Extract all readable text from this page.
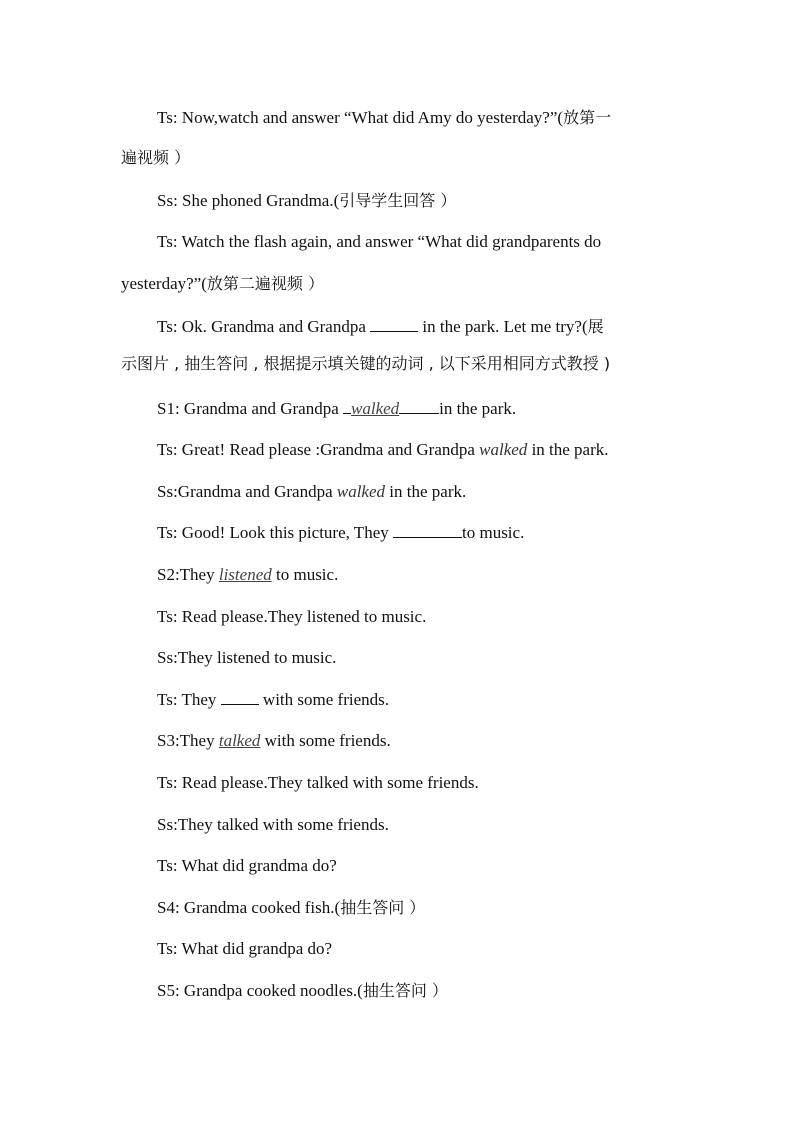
Ts: Now,watch and answer “What did Amy do yesterday?”(放第一
遍视频 ）
Ss: She phoned Grandma.(引导学生回答 ）
Ts: Watch the flash again, and answer “What did grandparents do
yesterday?”(放第二遍视频 ）
Ts: Ok. Grandma and Grandpa	in the park. Let me try?(展
示图片 , 抽生答问 , 根据提示填关键的动词 , 以下采用相同方式教授 )
S1: Grandma and Grandpa walked in the park.
Ts: Great! Read please :Grandma and Grandpa walked in the park.
Ss:Grandma and Grandpa walked in the park.
Ts: Good! Look this picture, They	to music.
S2:They listened to music.
Ts: Read please.They listened to music.
Ss:They listened to music.
Ts: They  with some friends.
S3:They talked with some friends.
Ts: Read please.They talked with some friends.
Ss:They talked with some friends.
Ts: What did grandma do?
S4: Grandma cooked fish.(抽生答问 ）
Ts: What did grandpa do?
S5: Grandpa cooked noodles.(抽生答问 ）
